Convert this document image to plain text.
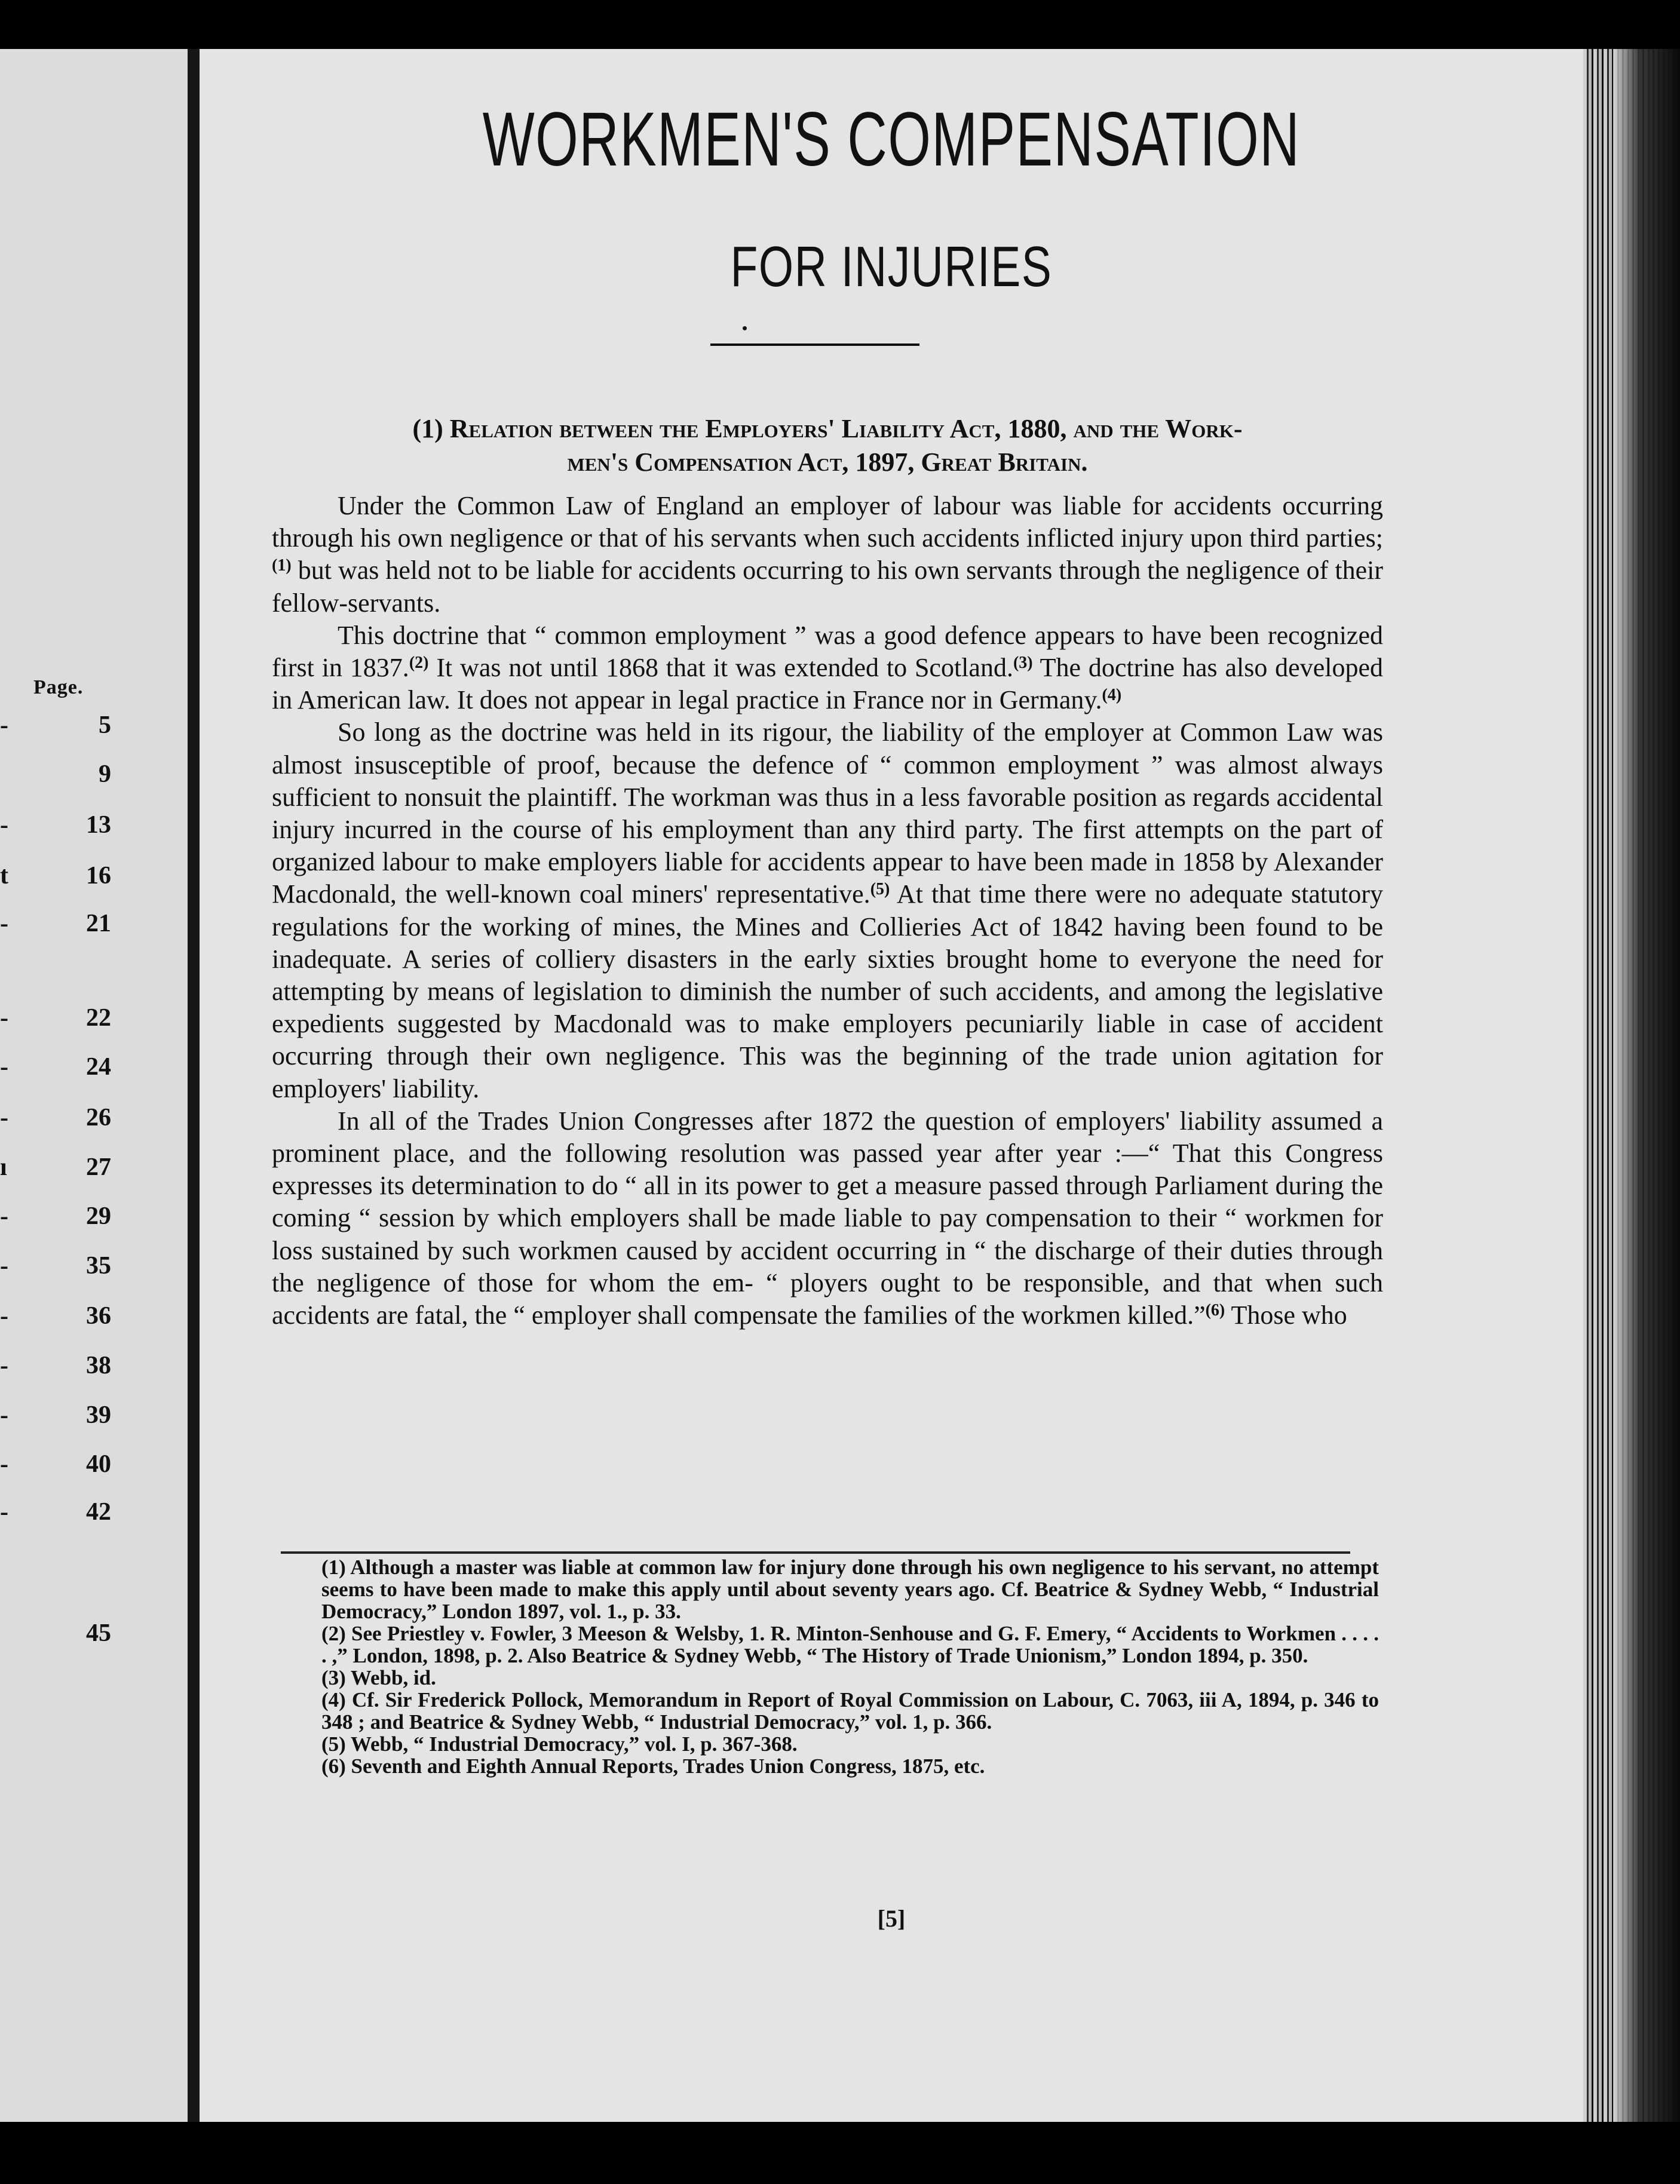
Page.
-	5
9
-	13
t	16
-	21
-	22
-	24
-	26
ı	27
-	29
-	35
-	36
-	38
-	39
-	40
-	42
45
WORKMEN'S COMPENSATION
FOR INJURIES
(1) Relation between the Employers' Liability Act, 1880, and the Work-
men's Compensation Act, 1897, Great Britain.

Under the Common Law of England an employer of labour was liable for accidents occurring through his own negligence or that of his servants when such accidents inflicted injury upon third parties;$^{(1)}$ but was held not to be liable for accidents occurring to his own servants through the negligence of their fellow-servants.

This doctrine that “ common employment ” was a good defence appears to have been recognized first in 1837.$^{(2)}$ It was not until 1868 that it was extended to Scotland.$^{(3)}$ The doctrine has also developed in American law. It does not appear in legal practice in France nor in Germany.$^{(4)}$

So long as the doctrine was held in its rigour, the liability of the employer at Common Law was almost insusceptible of proof, because the defence of “ common employment ” was almost always sufficient to nonsuit the plaintiff. The workman was thus in a less favorable position as regards accidental injury incurred in the course of his employment than any third party. The first attempts on the part of organized labour to make employers liable for accidents appear to have been made in 1858 by Alexander Macdonald, the well-known coal miners' representative.$^{(5)}$ At that time there were no adequate statutory regulations for the working of mines, the Mines and Collieries Act of 1842 having been found to be inadequate. A series of colliery disasters in the early sixties brought home to everyone the need for attempting by means of legislation to diminish the number of such accidents, and among the legislative expedients suggested by Macdonald was to make employers pecuniarily liable in case of accident occurring through their own negligence. This was the beginning of the trade union agitation for employers' liability.

In all of the Trades Union Congresses after 1872 the question of employers' liability assumed a prominent place, and the following resolution was passed year after year :—“ That this Congress expresses its determination to do “ all in its power to get a measure passed through Parliament during the coming “ session by which employers shall be made liable to pay compensation to their “ workmen for loss sustained by such workmen caused by accident occurring in “ the discharge of their duties through the negligence of those for whom the em- “ ployers ought to be responsible, and that when such accidents are fatal, the “ employer shall compensate the families of the workmen killed.”$^{(6)}$ Those who

(1) Although a master was liable at common law for injury done through his own negligence to his servant, no attempt seems to have been made to make this apply until about seventy years ago. Cf. Beatrice & Sydney Webb, “ Industrial Democracy,” London 1897, vol. 1., p. 33.

(2) See Priestley v. Fowler, 3 Meeson & Welsby, 1. R. Minton-Senhouse and G. F. Emery, “ Accidents to Workmen . . . . . ,” London, 1898, p. 2. Also Beatrice & Sydney Webb, “ The History of Trade Unionism,” London 1894, p. 350.

(3) Webb, id.

(4) Cf. Sir Frederick Pollock, Memorandum in Report of Royal Commission on Labour, C. 7063, iii A, 1894, p. 346 to 348 ; and Beatrice & Sydney Webb, “ Industrial Democracy,” vol. 1, p. 366.

(5) Webb, “ Industrial Democracy,” vol. I, p. 367-368.

(6) Seventh and Eighth Annual Reports, Trades Union Congress, 1875, etc.

[5]
